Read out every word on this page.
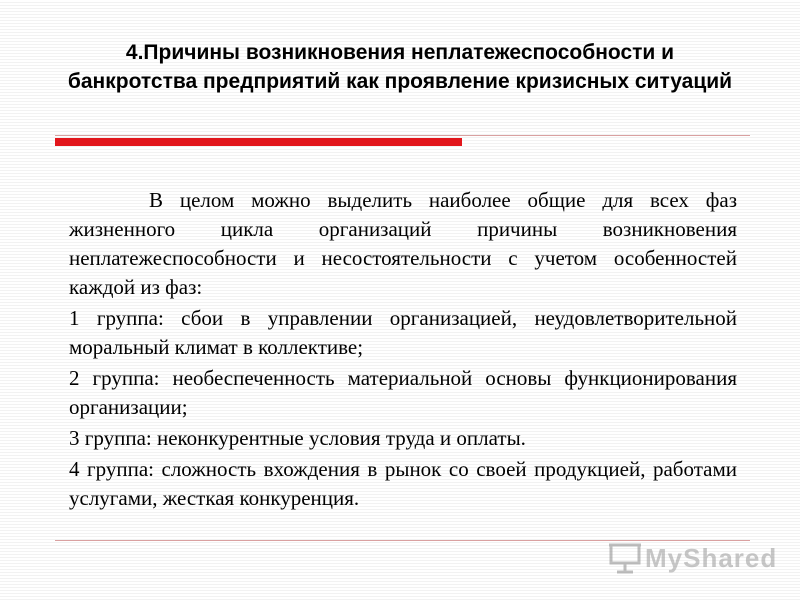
4.Причины возникновения неплатежеспособности и
банкротства предприятий как проявление кризисных ситуаций

В целом можно выделить наиболее общие для всех фаз жизненного цикла организаций причины возникновения неплатежеспособности и несостоятельности с учетом особенностей каждой из фаз:

1 группа: сбои в управлении организацией, неудовлетворительной моральный климат в коллективе;

2 группа: необеспеченность материальной основы функционирования организации;

3 группа: неконкурентные условия труда и оплаты.

4 группа: сложность вхождения в рынок со своей продукцией, работами услугами, жесткая конкуренция.

MyShared
